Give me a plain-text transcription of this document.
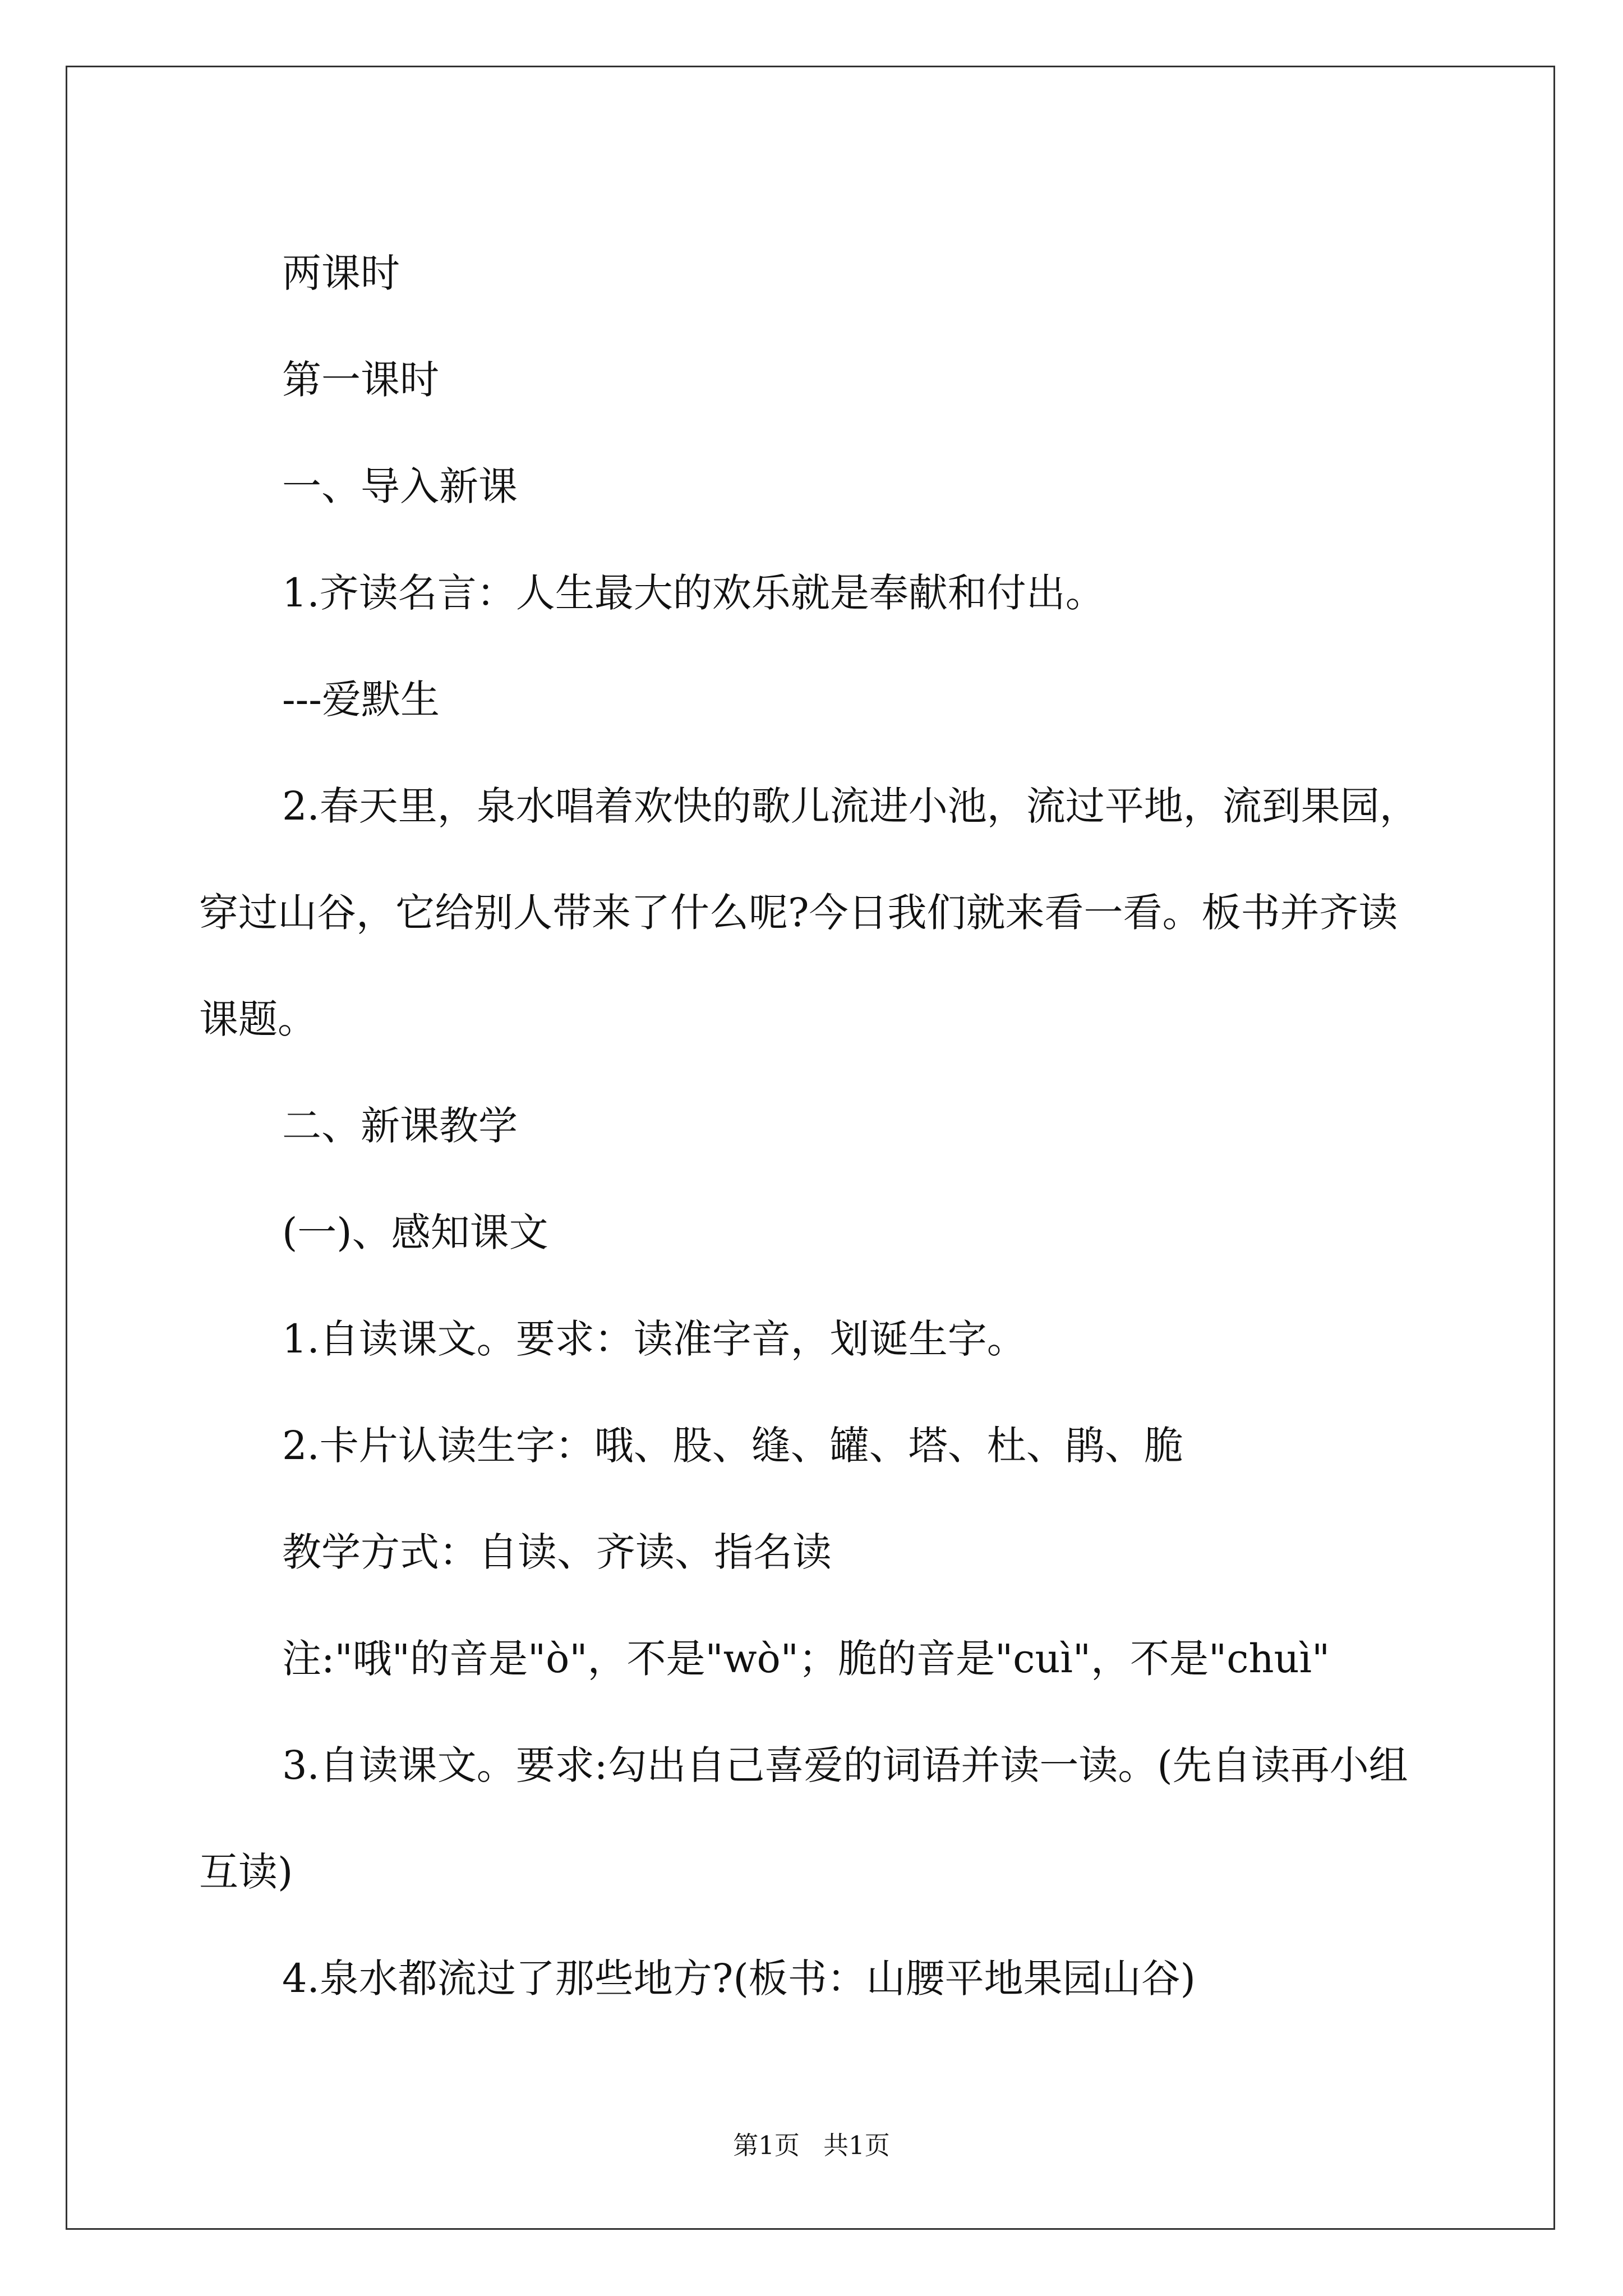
两课时

第一课时

一、导入新课

1.齐读名言：人生最大的欢乐就是奉献和付出。

---爱默生

2.春天里，泉水唱着欢快的歌儿流进小池，流过平地，流到果园，穿过山谷，它给别人带来了什么呢?今日我们就来看一看。板书并齐读课题。

二、新课教学

(一)、感知课文

1.自读课文。要求：读准字音，划诞生字。

2.卡片认读生字：哦、股、缝、罐、塔、杜、鹃、脆

教学方式：自读、齐读、指名读

注:"哦"的音是"ò"，不是"wò"；脆的音是"cuì"，不是"chuì"

3.自读课文。要求:勾出自己喜爱的词语并读一读。(先自读再小组互读)

4.泉水都流过了那些地方?(板书：山腰平地果园山谷)

第1页 共1页
